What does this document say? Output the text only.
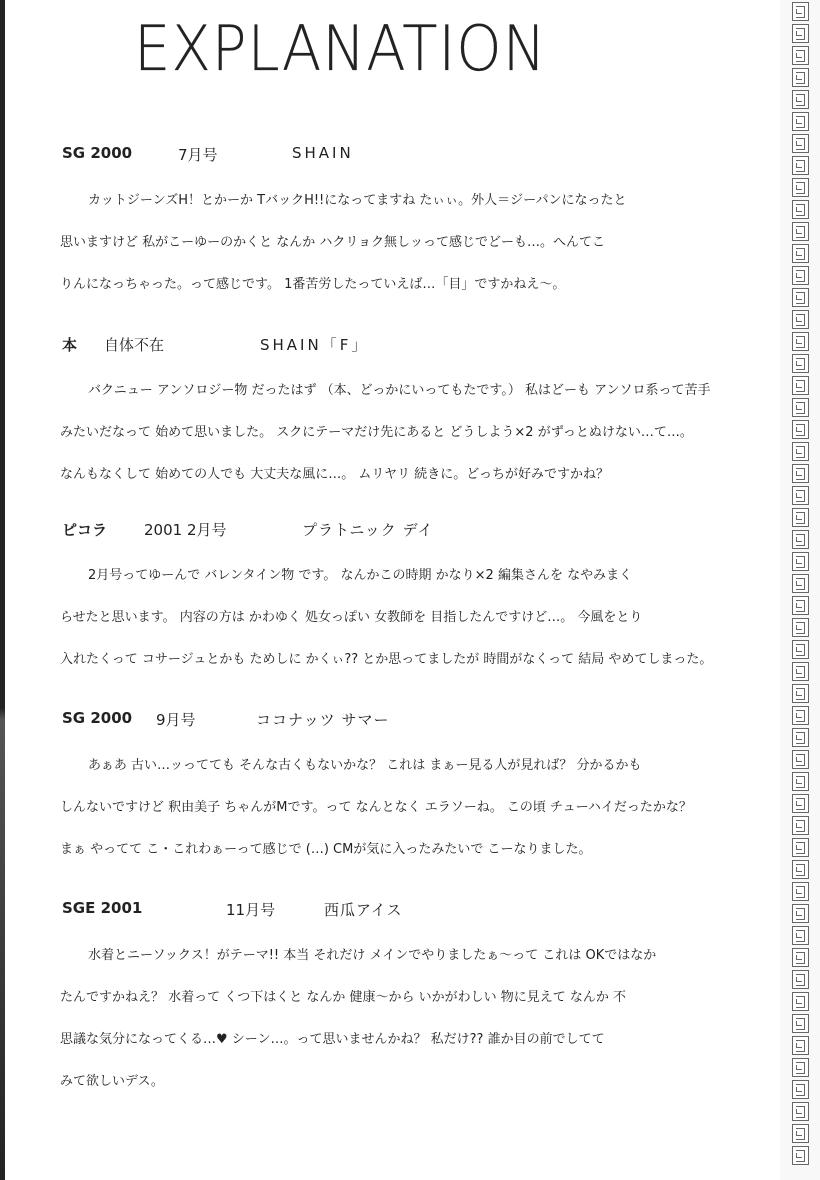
EXPLANATION
SG 2000	7月号	SHAIN
カットジーンズH！とかーか TバックH!!になってますね たぃぃ。外人＝ジーパンになったと
思いますけど 私がこーゆーのかくと なんか ハクリョク無しッって感じでどーも…。へんてこ
りんになっちゃった。って感じです。 1番苦労したっていえば…「目」ですかねえ～。
本 自体不在	SHAIN「F」
バクニュー アンソロジー物 だったはず （本、どっかにいってもたです。） 私はどーも アンソロ系って苦手
みたいだなって 始めて思いました。 スクにテーマだけ先にあると どうしよう×2 がずっとぬけない…て…。
なんもなくして 始めての人でも 大丈夫な風に…。 ムリヤリ 続きに。どっちが好みですかね？
ピコラ 2001 2月号	プラトニック デイ
2月号ってゆーんで バレンタイン物 です。 なんかこの時期 かなり×2 編集さんを なやみまく
らせたと思います。 内容の方は かわゆく 処女っぽい 女教師を 目指したんですけど…。 今風をとり
入れたくって コサージュとかも ためしに かくぃ?? とか思ってましたが 時間がなくって 結局 やめてしまった。
SG 2000 9月号	ココナッツ サマー
あぁあ 古い…ッってても そんな古くもないかな？ これは まぁー見る人が見れば？ 分かるかも
しんないですけど 釈由美子 ちゃんがMです。って なんとなく エラソーね。 この頃 チューハイだったかな？
まぁ やってて こ・これわぁーって感じで (…) CMが気に入ったみたいで こーなりました。
SGE 2001	11月号	西瓜アイス
水着とニーソックス！がテーマ!! 本当 それだけ メインでやりましたぁ～って これは OKではなか
たんですかねえ？ 水着って くつ下はくと なんか 健康～から いかがわしい 物に見えて なんか 不
思議な気分になってくる…♥ シーン…。って思いませんかね？ 私だけ?? 誰か目の前でしてて
みて欲しいデス。
